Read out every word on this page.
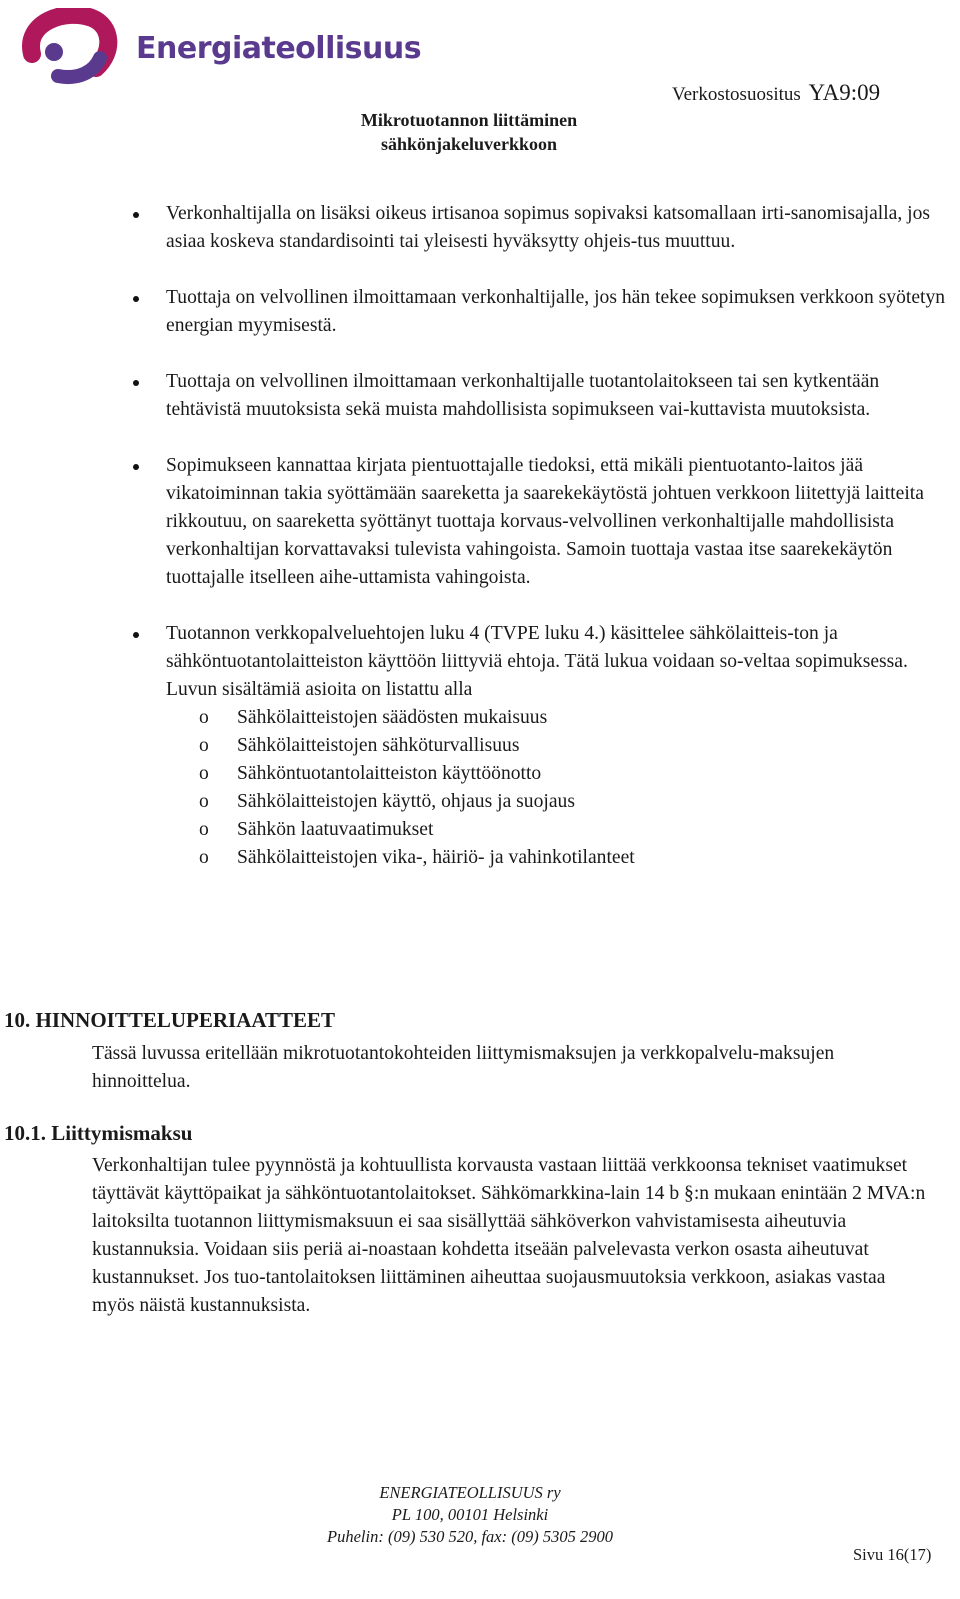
Energiateollisuus
Mikrotuotannon liittäminen
sähkönjakeluverkkoon
Verkostosuositus YA9:09
Verkonhaltijalla on lisäksi oikeus irtisanoa sopimus sopivaksi katsomallaan irti-sanomisajalla, jos asiaa koskeva standardisointi tai yleisesti hyväksytty ohjeis-tus muuttuu.
Tuottaja on velvollinen ilmoittamaan verkonhaltijalle, jos hän tekee sopimuksen verkkoon syötetyn energian myymisestä.
Tuottaja on velvollinen ilmoittamaan verkonhaltijalle tuotantolaitokseen tai sen kytkentään tehtävistä muutoksista sekä muista mahdollisista sopimukseen vai-kuttavista muutoksista.
Sopimukseen kannattaa kirjata pientuottajalle tiedoksi, että mikäli pientuotanto-laitos jää vikatoiminnan takia syöttämään saareketta ja saarekekäytöstä johtuen verkkoon liitettyjä laitteita rikkoutuu, on saareketta syöttänyt tuottaja korvaus-velvollinen verkonhaltijalle mahdollisista verkonhaltijan korvattavaksi tulevista vahingoista. Samoin tuottaja vastaa itse saarekekäytön tuottajalle itselleen aihe-uttamista vahingoista.
Tuotannon verkkopalveluehtojen luku 4 (TVPE luku 4.) käsittelee sähkölaitteis-ton ja sähköntuotantolaitteiston käyttöön liittyviä ehtoja. Tätä lukua voidaan so-veltaa sopimuksessa. Luvun sisältämiä asioita on listattu alla
o Sähkölaitteistojen säädösten mukaisuus
o Sähkölaitteistojen sähköturvallisuus
o Sähköntuotantolaitteiston käyttöönotto
o Sähkölaitteistojen käyttö, ohjaus ja suojaus
o Sähkön laatuvaatimukset
o Sähkölaitteistojen vika-, häiriö- ja vahinkotilanteet
10. HINNOITTELUPERIAATTEET
Tässä luvussa eritellään mikrotuotantokohteiden liittymismaksujen ja verkkopalvelu-maksujen hinnoittelua.
10.1. Liittymismaksu
Verkonhaltijan tulee pyynnöstä ja kohtuullista korvausta vastaan liittää verkkoonsa tekniset vaatimukset täyttävät käyttöpaikat ja sähköntuotantolaitokset. Sähkömarkkina-lain 14 b §:n mukaan enintään 2 MVA:n laitoksilta tuotannon liittymismaksuun ei saa sisällyttää sähköverkon vahvistamisesta aiheutuvia kustannuksia. Voidaan siis periä ai-noastaan kohdetta itseään palvelevasta verkon osasta aiheutuvat kustannukset. Jos tuo-tantolaitoksen liittäminen aiheuttaa suojausmuutoksia verkkoon, asiakas vastaa myös näistä kustannuksista.
ENERGIATEOLLISUUS ry
PL 100, 00101 Helsinki
Puhelin: (09) 530 520, fax: (09) 5305 2900
Sivu 16(17)
